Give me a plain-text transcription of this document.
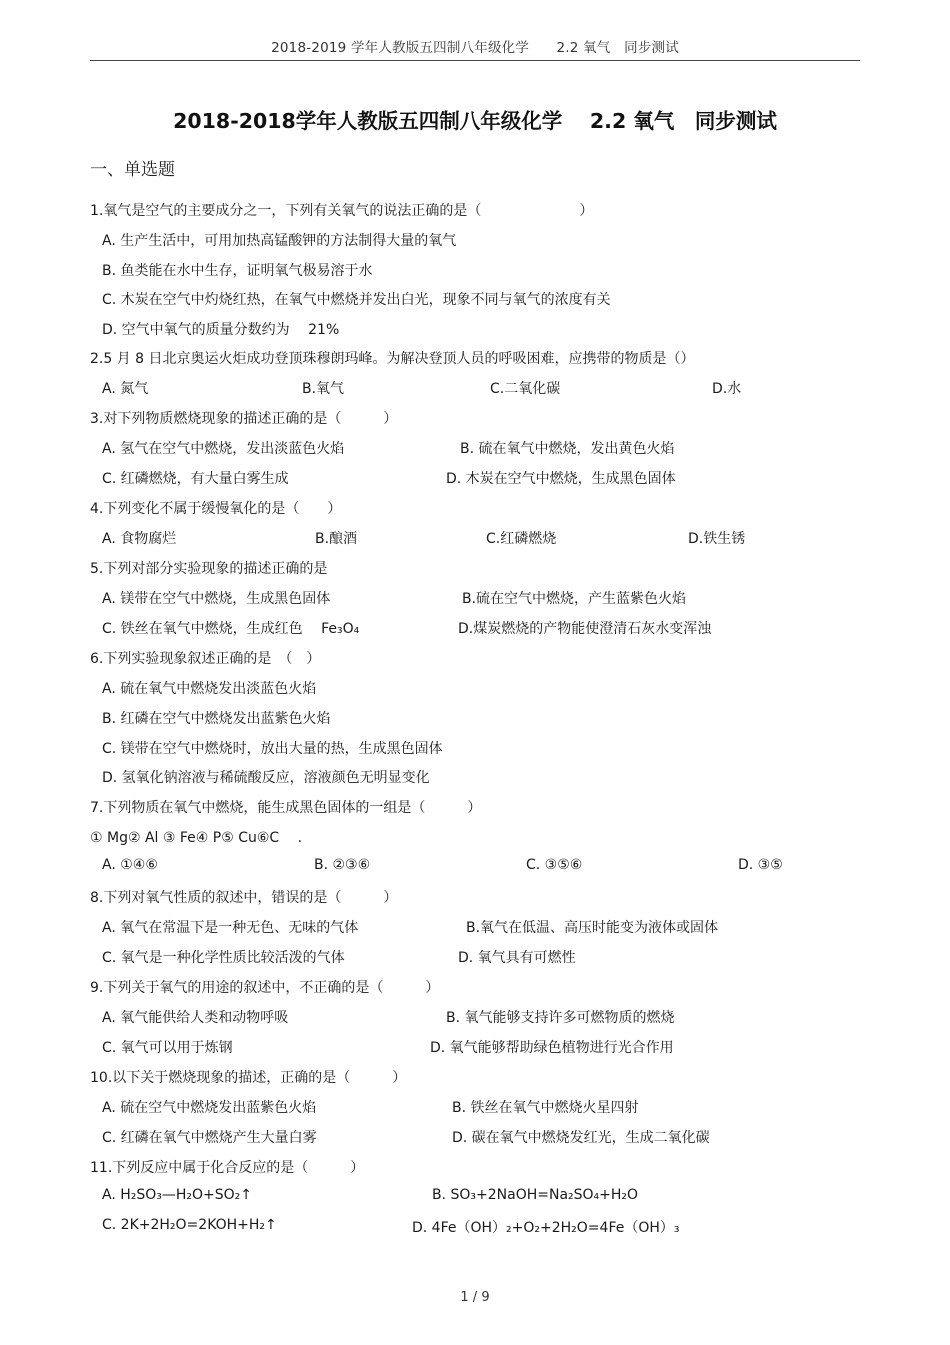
2018-2019 学年人教版五四制八年级化学　　2.2 氧气　同步测试
2018-2018学年人教版五四制八年级化学　 2.2 氧气　同步测试
一、单选题
1.氧气是空气的主要成分之一，下列有关氧气的说法正确的是（　　　　　　　）
A. 生产生活中，可用加热高锰酸钾的方法制得大量的氧气
B. 鱼类能在水中生存，证明氧气极易溶于水
C. 木炭在空气中灼烧红热，在氧气中燃烧并发出白光，现象不同与氧气的浓度有关
D. 空气中氧气的质量分数约为　 21%
2.5 月 8 日北京奥运火炬成功登顶珠穆朗玛峰。为解决登顶人员的呼吸困难，应携带的物质是（）
A. 氮气	B.氧气	C.二氧化碳	D.水
3.对下列物质燃烧现象的描述正确的是（　　　）
A. 氢气在空气中燃烧，发出淡蓝色火焰	B. 硫在氧气中燃烧，发出黄色火焰
C. 红磷燃烧，有大量白雾生成	D. 木炭在空气中燃烧，生成黑色固体
4.下列变化不属于缓慢氧化的是（　　）
A. 食物腐烂	B.酿酒	C.红磷燃烧	D.铁生锈
5.下列对部分实验现象的描述正确的是
A. 镁带在空气中燃烧，生成黑色固体	B.硫在空气中燃烧，产生蓝紫色火焰
C. 铁丝在氧气中燃烧，生成红色　 Fe₃O₄	D.煤炭燃烧的产物能使澄清石灰水变浑浊
6.下列实验现象叙述正确的是　（　）
A. 硫在氧气中燃烧发出淡蓝色火焰
B. 红磷在空气中燃烧发出蓝紫色火焰
C. 镁带在空气中燃烧时，放出大量的热，生成黑色固体
D. 氢氧化钠溶液与稀硫酸反应，溶液颜色无明显变化
7.下列物质在氧气中燃烧，能生成黑色固体的一组是（　　　）
① Mg② Al ③ Fe④ P⑤ Cu⑥C　 .
A. ①④⑥	B. ②③⑥	C. ③⑤⑥	D. ③⑤
8.下列对氧气性质的叙述中，错误的是（　　　）
A. 氧气在常温下是一种无色、无味的气体	B.氧气在低温、高压时能变为液体或固体
C. 氧气是一种化学性质比较活泼的气体	D. 氧气具有可燃性
9.下列关于氧气的用途的叙述中，不正确的是（　　　）
A. 氧气能供给人类和动物呼吸	B. 氧气能够支持许多可燃物质的燃烧
C. 氧气可以用于炼钢	D. 氧气能够帮助绿色植物进行光合作用
10.以下关于燃烧现象的描述，正确的是（　　　）
A. 硫在空气中燃烧发出蓝紫色火焰	B. 铁丝在氧气中燃烧火星四射
C. 红磷在氧气中燃烧产生大量白雾	D. 碳在氧气中燃烧发红光，生成二氧化碳
11.下列反应中属于化合反应的是（　　　）
A. H₂SO₃—H₂O+SO₂↑	B. SO₃+2NaOH=Na₂SO₄+H₂O
C. 2K+2H₂O=2KOH+H₂↑	D. 4Fe（OH）₂+O₂+2H₂O=4Fe（OH）₃
1 / 9
